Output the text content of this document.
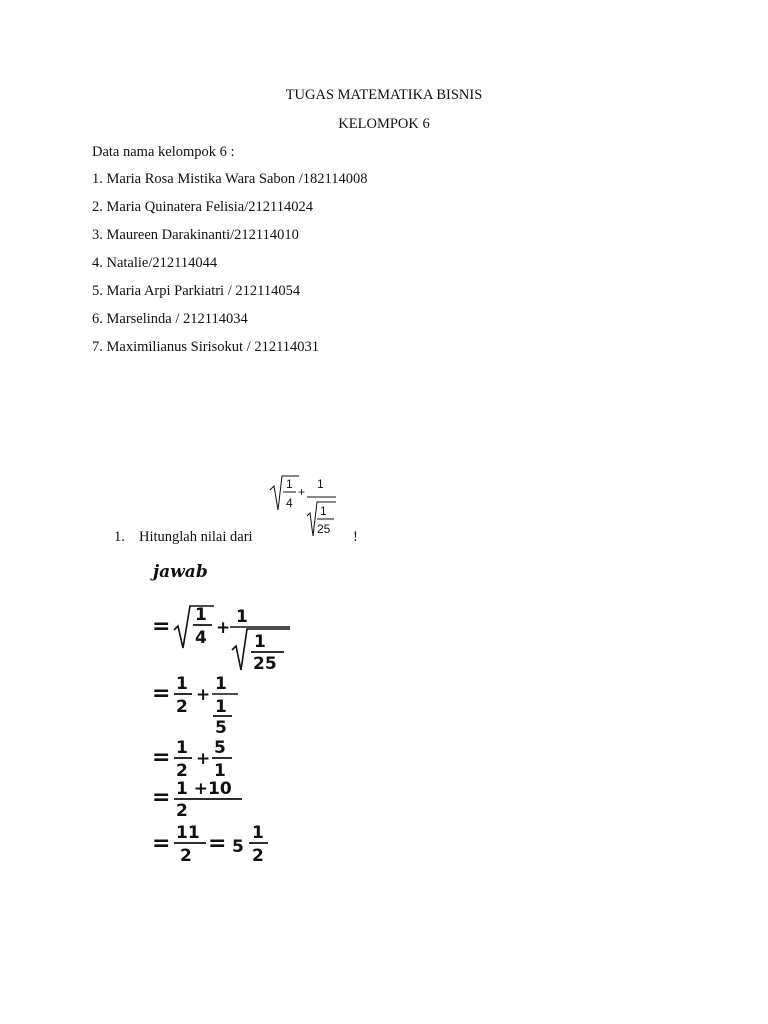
TUGAS MATEMATIKA BISNIS
KELOMPOK 6
Data nama kelompok 6 :
1. Maria Rosa Mistika Wara Sabon /182114008
2. Maria Quinatera Felisia/212114024
3. Maureen Darakinanti/212114010
4. Natalie/212114044
5. Maria Arpi Parkiatri / 212114054
6. Marselinda / 212114034
7. Maximilianus Sirisokut / 212114031
1. Hitunglah nilai dari	!
1
4
+
1
1
25
jawab
= 1
4 +
1
1
25
= 1
2
+
1
1
5
= 1
2
+
5
1
= 1 +10
2
= 11
2 = 5
1
2
